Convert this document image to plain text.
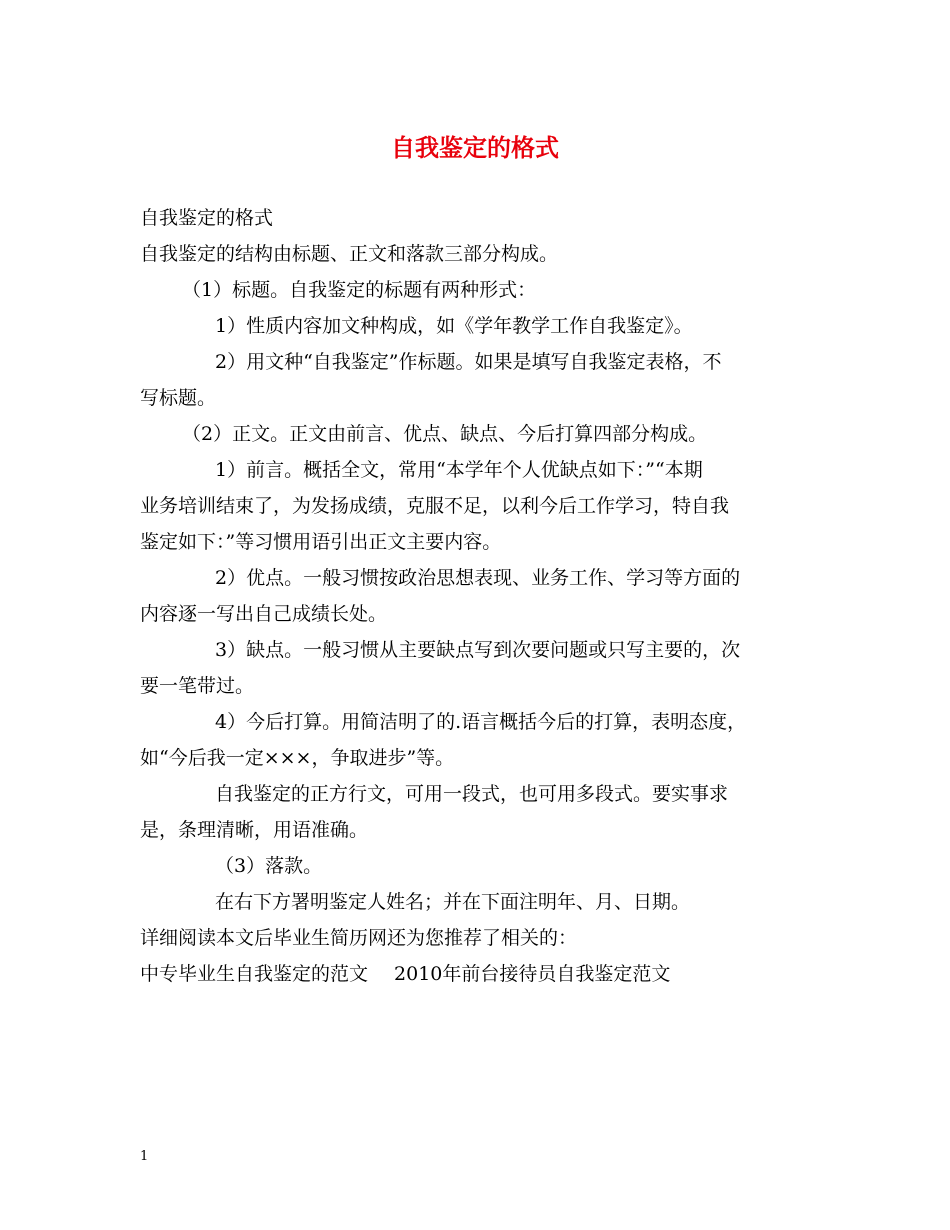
自我鉴定的格式

自我鉴定的格式

自我鉴定的结构由标题、正文和落款三部分构成。

（1）标题。自我鉴定的标题有两种形式：

1）性质内容加文种构成，如《学年教学工作自我鉴定》。

2）用文种“自我鉴定”作标题。如果是填写自我鉴定表格，不

写标题。

（2）正文。正文由前言、优点、缺点、今后打算四部分构成。

1）前言。概括全文，常用“本学年个人优缺点如下：”“本期

业务培训结束了，为发扬成绩，克服不足，以利今后工作学习，特自我

鉴定如下：”等习惯用语引出正文主要内容。

2）优点。一般习惯按政治思想表现、业务工作、学习等方面的

内容逐一写出自己成绩长处。

3）缺点。一般习惯从主要缺点写到次要问题或只写主要的，次

要一笔带过。

4）今后打算。用简洁明了的.语言概括今后的打算，表明态度，

如“今后我一定×××，争取进步”等。

自我鉴定的正方行文，可用一段式，也可用多段式。要实事求

是，条理清晰，用语准确。

（3）落款。

在右下方署明鉴定人姓名；并在下面注明年、月、日期。

详细阅读本文后毕业生简历网还为您推荐了相关的：

中专毕业生自我鉴定的范文 2010年前台接待员自我鉴定范文

1
